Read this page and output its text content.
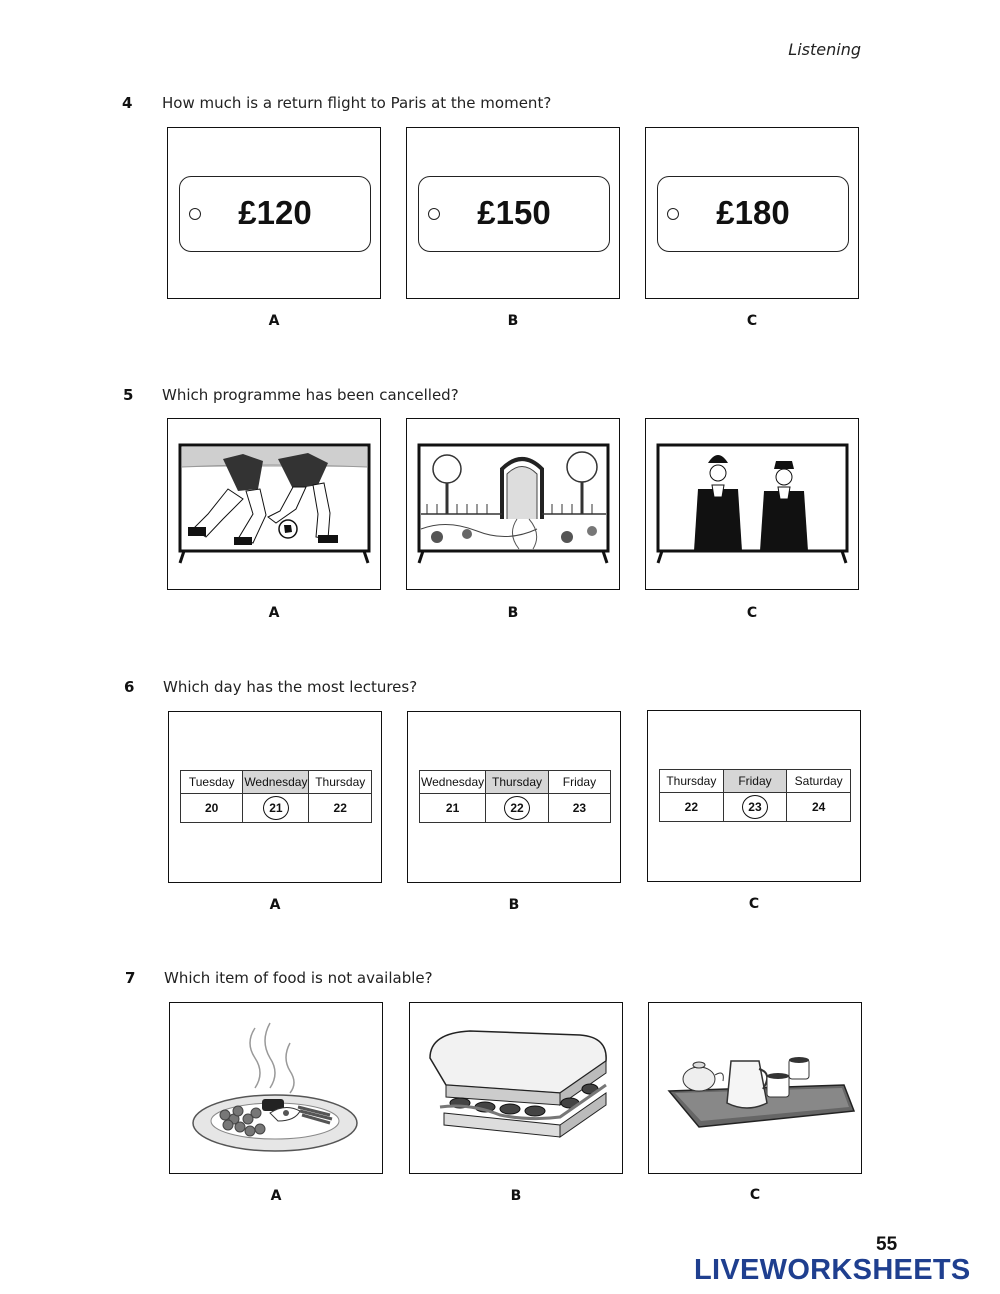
Listening
4 How much is a return flight to Paris at the moment?
£120	£150	£180
A	B	C
5 Which programme has been cancelled?
A	B	C
6 Which day has the most lectures?
Tuesday	Wednesday	Thursday
20	21	22
Wednesday	Thursday	Friday
21	22	23
Thursday	Friday	Saturday
22	23	24
A	B	C
7 Which item of food is not available?
A	B	C
55
LIVEWORKSHEETS
